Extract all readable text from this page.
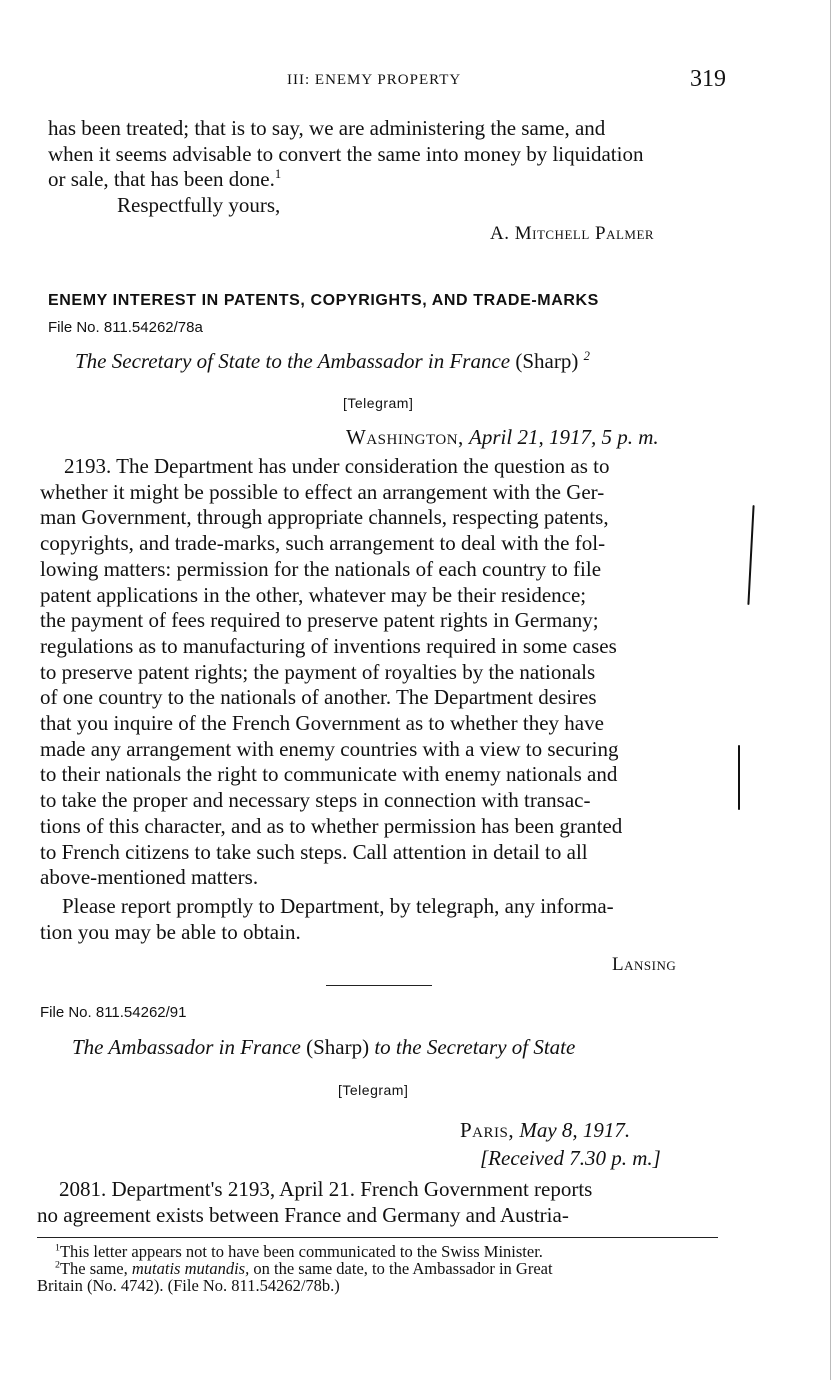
III: ENEMY PROPERTY	319

has been treated; that is to say, we are administering the same, and

when it seems advisable to convert the same into money by liquidation

or sale, that has been done.$^1$

Respectfully yours,
A. Mitchell Palmer
ENEMY INTEREST IN PATENTS, COPYRIGHTS, AND TRADE-MARKS
File No. 811.54262/78a
The Secretary of State to the Ambassador in France (Sharp) $^2$
[Telegram]
Washington, April 21, 1917, 5 p. m.

2193. The Department has under consideration the question as to

whether it might be possible to effect an arrangement with the Ger-

man Government, through appropriate channels, respecting patents,

copyrights, and trade-marks, such arrangement to deal with the fol-

lowing matters: permission for the nationals of each country to file

patent applications in the other, whatever may be their residence;

the payment of fees required to preserve patent rights in Germany;

regulations as to manufacturing of inventions required in some cases

to preserve patent rights; the payment of royalties by the nationals

of one country to the nationals of another. The Department desires

that you inquire of the French Government as to whether they have

made any arrangement with enemy countries with a view to securing

to their nationals the right to communicate with enemy nationals and

to take the proper and necessary steps in connection with transac-

tions of this character, and as to whether permission has been granted

to French citizens to take such steps. Call attention in detail to all

above-mentioned matters.

Please report promptly to Department, by telegraph, any informa-

tion you may be able to obtain.

Lansing
File No. 811.54262/91
The Ambassador in France (Sharp) to the Secretary of State
[Telegram]
Paris, May 8, 1917.
[Received 7.30 p. m.]

2081. Department's 2193, April 21. French Government reports

no agreement exists between France and Germany and Austria-

$^1$This letter appears not to have been communicated to the Swiss Minister.

$^2$The same, mutatis mutandis, on the same date, to the Ambassador in Great

Britain (No. 4742). (File No. 811.54262/78b.)
